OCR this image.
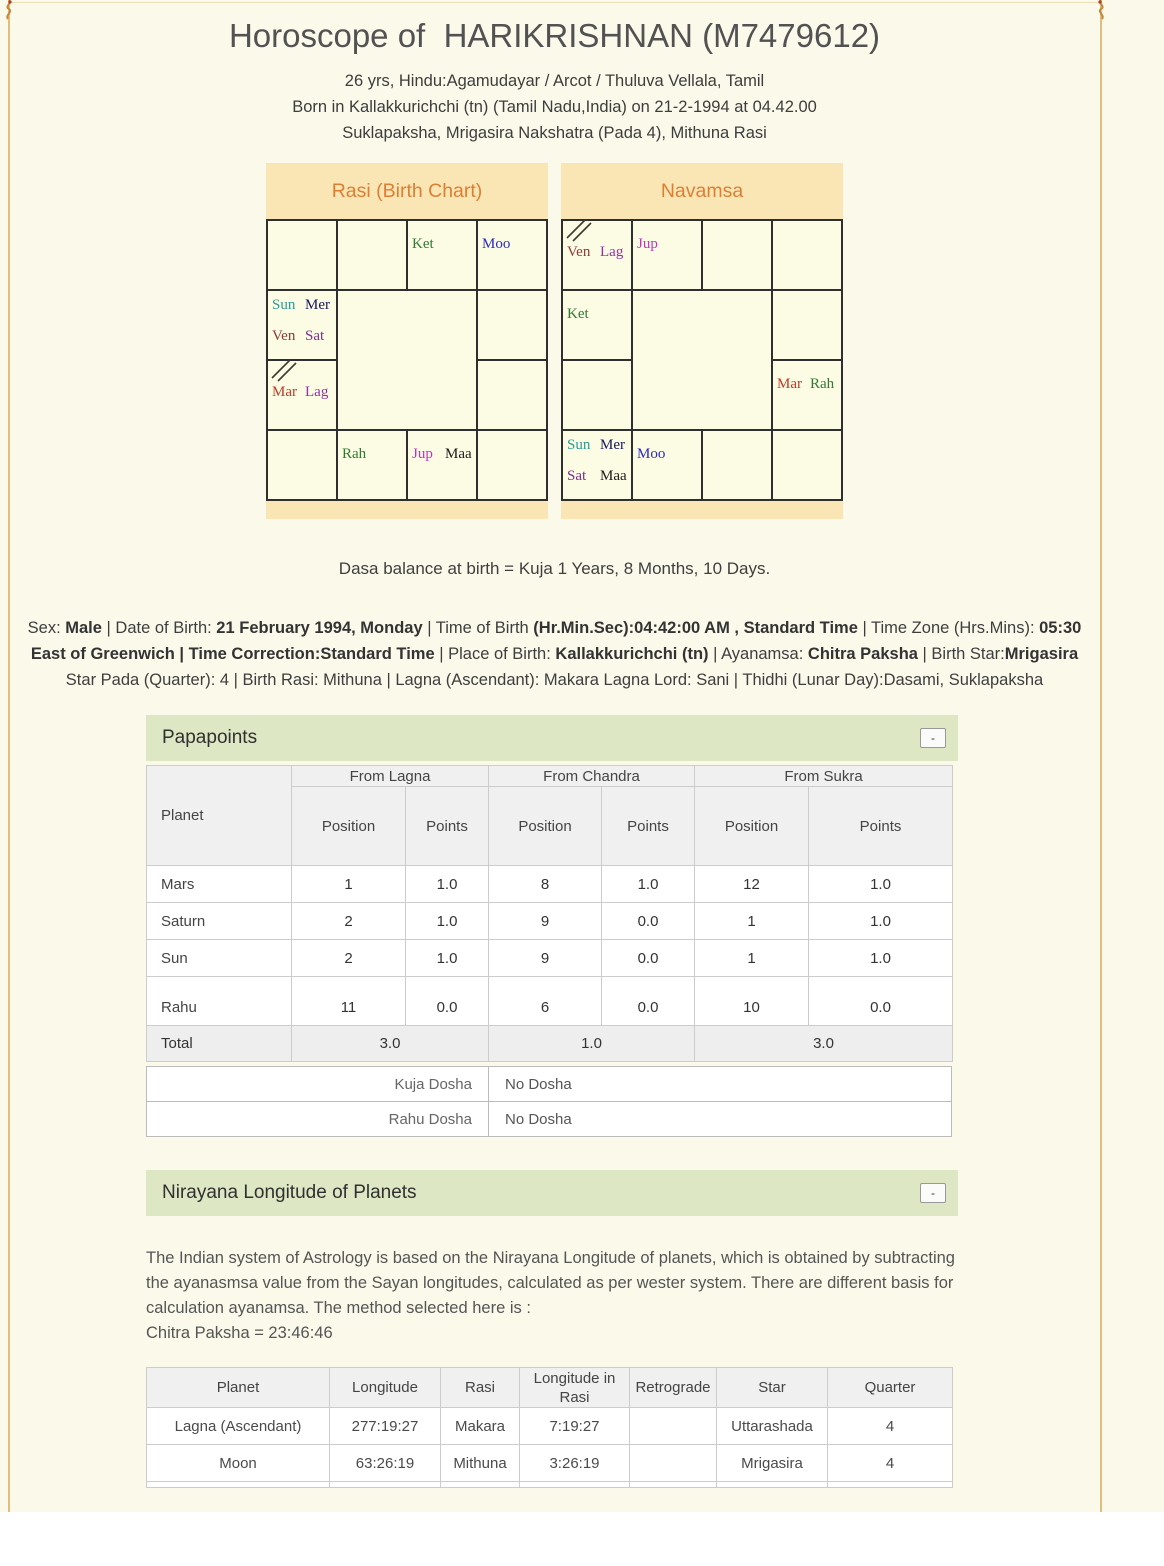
Horoscope of  HARIKRISHNAN (M7479612)
26 yrs, Hindu:Agamudayar / Arcot / Thuluva Vellala, Tamil
Born in Kallakkurichchi (tn) (Tamil Nadu,India) on 21-2-1994 at 04.42.00
Suklapaksha, Mrigasira Nakshatra (Pada 4), Mithuna Rasi
Rasi (Birth Chart)
Ket	Moo
Sun Mer
Ven Sat
Mar Lag
Rah	Jup Maa
Navamsa
Ven Lag Jup
Ket
Mar Rah
Sun Mer
Sat Maa
Moo
Dasa balance at birth = Kuja 1 Years, 8 Months, 10 Days.
Sex: Male | Date of Birth: 21 February 1994, Monday | Time of Birth (Hr.Min.Sec):04:42:00 AM , Standard Time | Time Zone (Hrs.Mins): 05:30 East of Greenwich | Time Correction:Standard Time | Place of Birth: Kallakkurichchi (tn) | Ayanamsa: Chitra Paksha | Birth Star:Mrigasira Star Pada (Quarter): 4 | Birth Rasi: Mithuna | Lagna (Ascendant): Makara Lagna Lord: Sani | Thidhi (Lunar Day):Dasami, Suklapaksha
Papapoints	-
Planet	From Lagna		From Chandra		From Sukra	
	Position	Points	Position	Points	Position	Points
Mars	1	1.0	8	1.0	12	1.0
Saturn	2	1.0	9	0.0	1	1.0
Sun	2	1.0	9	0.0	1	1.0
Rahu	11	0.0	6	0.0	10	0.0
Total	3.0		1.0		3.0	
Kuja Dosha	No Dosha
Rahu Dosha	No Dosha
Nirayana Longitude of Planets	-
The Indian system of Astrology is based on the Nirayana Longitude of planets, which is obtained by subtracting the ayanasmsa value from the Sayan longitudes, calculated as per wester system. There are different basis for calculation ayanamsa. The method selected here is :
Chitra Paksha = 23:46:46
Planet	Longitude	Rasi	Longitude in Rasi	Retrograde	Star	Quarter
Lagna (Ascendant)	277:19:27	Makara	7:19:27		Uttarashada	4
Moon	63:26:19	Mithuna	3:26:19		Mrigasira	4
